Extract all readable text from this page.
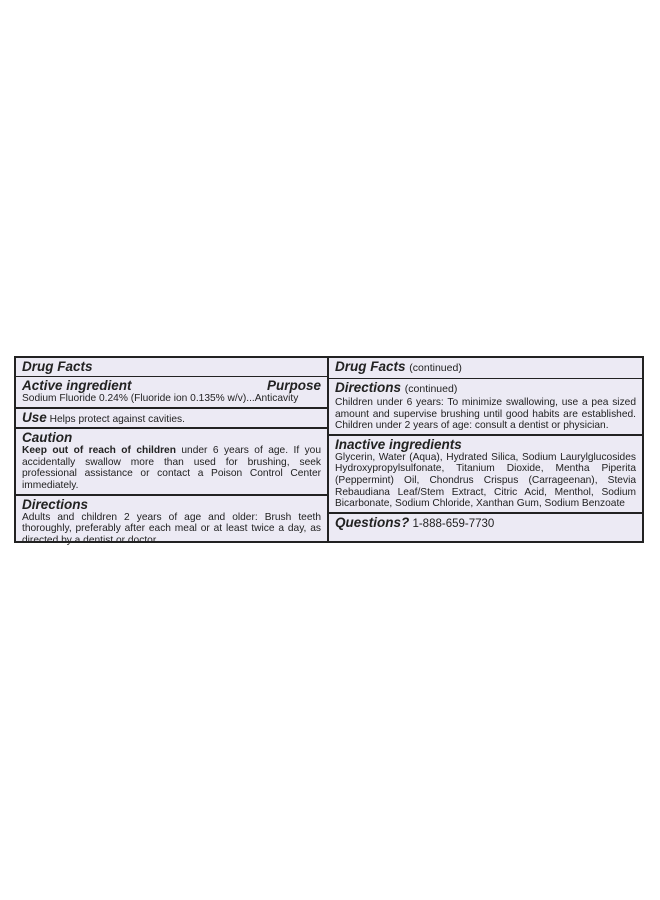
Drug Facts
Active ingredient	Purpose
Sodium Fluoride 0.24% (Fluoride ion 0.135% w/v)...Anticavity
Use Helps protect against cavities.
Caution
Keep out of reach of children under 6 years of age. If you accidentally swallow more than used for brushing, seek professional assistance or contact a Poison Control Center immediately.
Directions
Adults and children 2 years of age and older: Brush teeth thoroughly, preferably after each meal or at least twice a day, as directed by a dentist or doctor.
Drug Facts (continued)
Directions (continued)
Children under 6 years: To minimize swallowing, use a pea sized amount and supervise brushing until good habits are established. Children under 2 years of age: consult a dentist or physician.
Inactive ingredients
Glycerin, Water (Aqua), Hydrated Silica, Sodium Laurylglucosides Hydroxypropylsulfonate, Titanium Dioxide, Mentha Piperita (Peppermint) Oil, Chondrus Crispus (Carrageenan), Stevia Rebaudiana Leaf/Stem Extract, Citric Acid, Menthol, Sodium Bicarbonate, Sodium Chloride, Xanthan Gum, Sodium Benzoate
Questions? 1-888-659-7730
